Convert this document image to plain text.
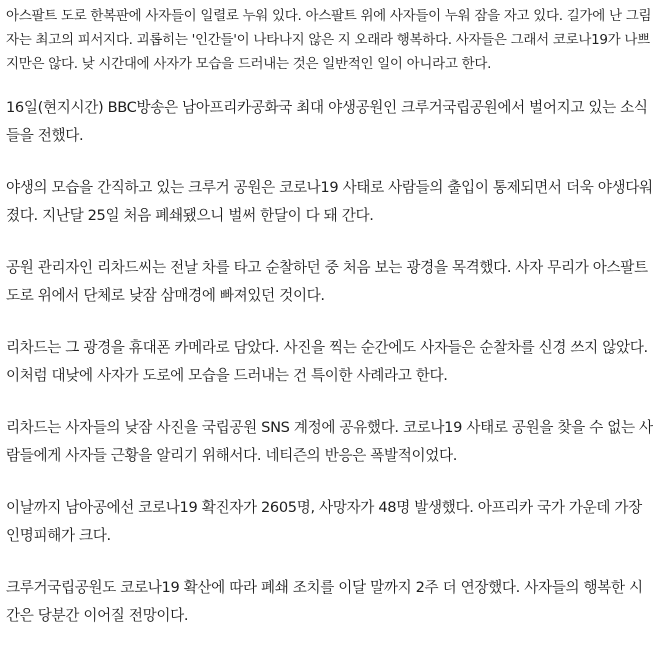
아스팔트 도로 한복판에 사자들이 일렬로 누워 있다. 아스팔트 위에 사자들이 누워 잠을 자고 있다. 길가에 난 그림자는 최고의 피서지다. 괴롭히는 '인간들'이 나타나지 않은 지 오래라 행복하다. 사자들은 그래서 코로나19가 나쁘지만은 않다. 낮 시간대에 사자가 모습을 드러내는 것은 일반적인 일이 아니라고 한다.

16일(현지시간) BBC방송은 남아프리카공화국 최대 야생공원인 크루거국립공원에서 벌어지고 있는 소식들을 전했다.

야생의 모습을 간직하고 있는 크루거 공원은 코로나19 사태로 사람들의 출입이 통제되면서 더욱 야생다워졌다. 지난달 25일 처음 폐쇄됐으니 벌써 한달이 다 돼 간다.

공원 관리자인 리차드씨는 전날 차를 타고 순찰하던 중 처음 보는 광경을 목격했다. 사자 무리가 아스팔트 도로 위에서 단체로 낮잠 삼매경에 빠져있던 것이다.

리차드는 그 광경을 휴대폰 카메라로 담았다. 사진을 찍는 순간에도 사자들은 순찰차를 신경 쓰지 않았다. 이처럼 대낮에 사자가 도로에 모습을 드러내는 건 특이한 사례라고 한다.

리차드는 사자들의 낮잠 사진을 국립공원 SNS 계정에 공유했다. 코로나19 사태로 공원을 찾을 수 없는 사람들에게 사자들 근황을 알리기 위해서다. 네티즌의 반응은 폭발적이었다.

이날까지 남아공에선 코로나19 확진자가 2605명, 사망자가 48명 발생했다. 아프리카 국가 가운데 가장 인명피해가 크다.

크루거국립공원도 코로나19 확산에 따라 폐쇄 조치를 이달 말까지 2주 더 연장했다. 사자들의 행복한 시간은 당분간 이어질 전망이다.
